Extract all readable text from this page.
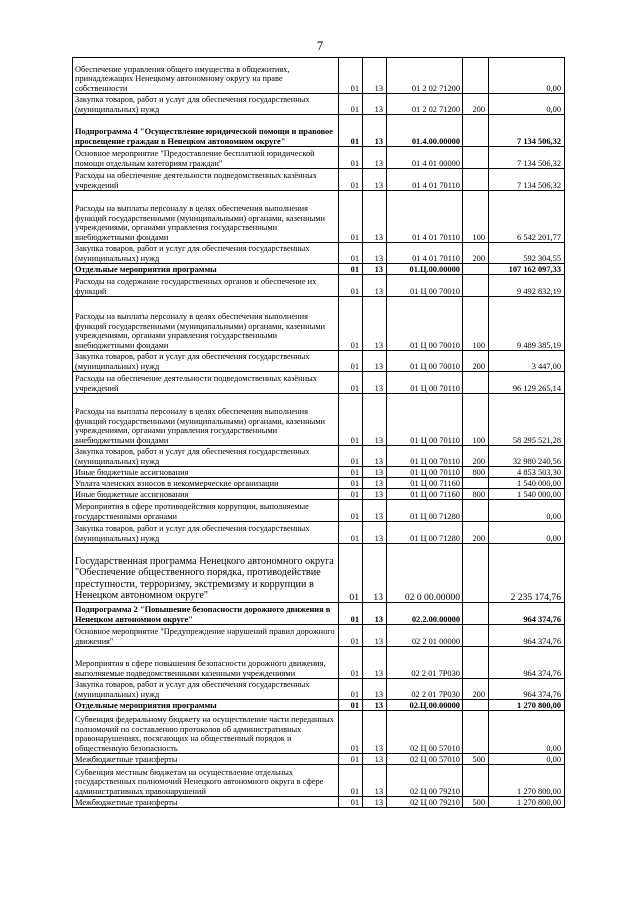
7
Обеспечение управления общего имущества в общежитиях, принадлежащих Ненецкому автономному округу на праве собственности	01	13	01 2 02 71200		0,00
Закупка товаров, работ и услуг для обеспечения государственных (муниципальных) нужд	01	13	01 2 02 71200	200	0,00
Подпрограмма 4 "Осуществление юридической помощи и правовое просвещение граждан в Ненецком автономном округе"	01	13	01.4.00.00000		7 134 506,32
Основное мероприятие "Предоставление бесплатной юридической помощи отдельным категориям граждан"	01	13	01 4 01 00000		7 134 506,32
Расходы на обеспечение деятельности подведомственных казённых учреждений	01	13	01 4 01 70110		7 134 506,32
Расходы на выплаты персоналу в целях обеспечения выполнения функций государственными (муниципальными) органами, казенными учреждениями, органами управления государственными внебюджетными фондами	01	13	01 4 01 70110	100	6 542 201,77
Закупка товаров, работ и услуг для обеспечения государственных (муниципальных) нужд	01	13	01 4 01 70110	200	592 304,55
Отдельные мероприятия программы	01	13	01.Ц.00.00000		107 162 097,33
Расходы на содержание государственных органов и обеспечение их функций	01	13	01 Ц 00 70010		9 492 832,19
Расходы на выплаты персоналу в целях обеспечения выполнения функций государственными (муниципальными) органами, казенными учреждениями, органами управления государственными внебюджетными фондами	01	13	01 Ц 00 70010	100	9 489 385,19
Закупка товаров, работ и услуг для обеспечения государственных (муниципальных) нужд	01	13	01 Ц 00 70010	200	3 447,00
Расходы на обеспечение деятельности подведомственных казённых учреждений	01	13	01 Ц 00 70110		96 129 265,14
Расходы на выплаты персоналу в целях обеспечения выполнения функций государственными (муниципальными) органами, казенными учреждениями, органами управления государственными внебюджетными фондами	01	13	01 Ц 00 70110	100	58 295 521,28
Закупка товаров, работ и услуг для обеспечения государственных (муниципальных) нужд	01	13	01 Ц 00 70110	200	32 980 240,56
Иные бюджетные ассигнования	01	13	01 Ц 00 70110	800	4 853 503,30
Уплата членских взносов в некоммерческие организации	01	13	01 Ц 00 71160		1 540 000,00
Иные бюджетные ассигнования	01	13	01 Ц 00 71160	800	1 540 000,00
Мероприятия в сфере противодействия коррупции, выполняемые государственными органами	01	13	01 Ц 00 71280		0,00
Закупка товаров, работ и услуг для обеспечения государственных (муниципальных) нужд	01	13	01 Ц 00 71280	200	0,00
Государственная программа Ненецкого автономного округа "Обеспечение общественного порядка, противодействие преступности, терроризму, экстремизму и коррупции в Ненецком автономном округе"	01	13	02 0 00.00000		2 235 174,76
Подпрограмма 2 "Повышение безопасности дорожного движения в Ненецком автономном округе"	01	13	02.2.00.00000		964 374,76
Основное мероприятие "Предупреждение нарушений правил дорожного движения"	01	13	02 2 01 00000		964 374,76
Мероприятия в сфере повышения безопасности дорожного движения, выполняемые подведомственными казенными учреждениями	01	13	02 2 01 7Р030		964 374,76
Закупка товаров, работ и услуг для обеспечения государственных (муниципальных) нужд	01	13	02 2 01 7Р030	200	964 374,76
Отдельные мероприятия программы	01	13	02.Ц.00.00000		1 270 800,00
Субвенция федеральному бюджету на осуществление части переданных полномочий по составлению протоколов об административных правонарушениях, посягающих на общественный порядок и общественную безопасность	01	13	02 Ц 00 57010		0,00
Межбюджетные трансферты	01	13	02 Ц 00 57010	500	0,00
Субвенция местным бюджетам на осуществление отдельных государственных полномочий Ненецкого автономного округа в сфере административных правонарушений	01	13	02 Ц 00 79210		1 270 800,00
Межбюджетные трансферты	01	13	02 Ц 00 79210	500	1 270 800,00
